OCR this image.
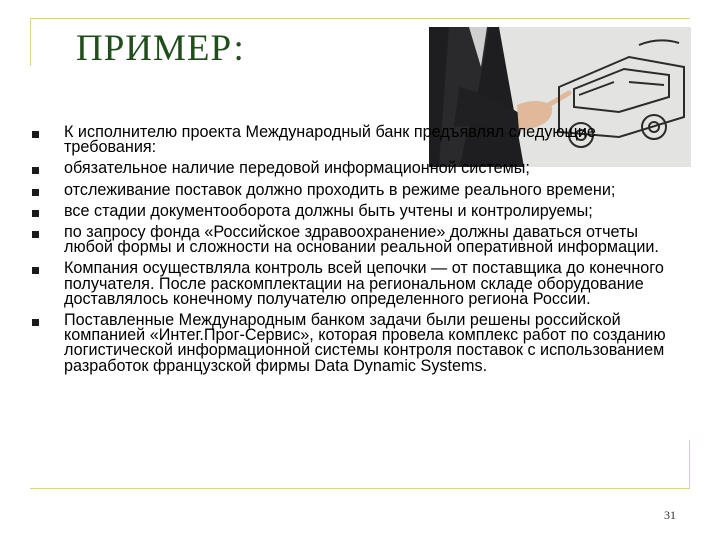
ПРИМЕР:
К исполнителю проекта Международный банк предъявлял следующие требования:
обязательное наличие передовой информационной системы;
отслеживание поставок должно проходить в режиме реального времени;
все стадии документооборота должны быть учтены и контролируемы;
по запросу фонда «Российское здравоохранение» должны даваться отчеты любой формы и сложности на основании реальной оперативной информации.
Компания осуществляла контроль всей цепочки — от поставщика до конечного получателя. После раскомплектации на региональном складе оборудование доставлялось конечному получателю определенного региона России.
Поставленные Международным банком задачи были решены российской компанией «Интег.Прог-Сервис», которая провела комплекс работ по созданию логистической информационной системы контроля поставок с использованием разработок французской фирмы Data Dynamic Systems.
31
